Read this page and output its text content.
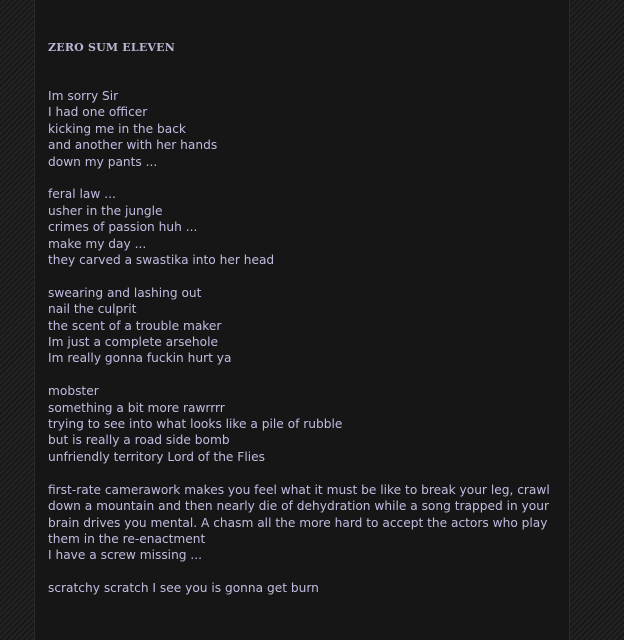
ZERO SUM ELEVEN
Im sorry Sir
I had one officer
kicking me in the back
and another with her hands
down my pants ...
feral law ...
usher in the jungle
crimes of passion huh ...
make my day ...
they carved a swastika into her head
swearing and lashing out
nail the culprit
the scent of a trouble maker
Im just a complete arsehole
Im really gonna fuckin hurt ya
mobster
something a bit more rawrrrr
trying to see into what looks like a pile of rubble
but is really a road side bomb
unfriendly territory Lord of the Flies
first-rate camerawork makes you feel what it must be like to break your leg, crawl down a mountain and then nearly die of dehydration while a song trapped in your brain drives you mental. A chasm all the more hard to accept the actors who play them in the re-enactment
I have a screw missing ...
scratchy scratch I see you is gonna get burn
